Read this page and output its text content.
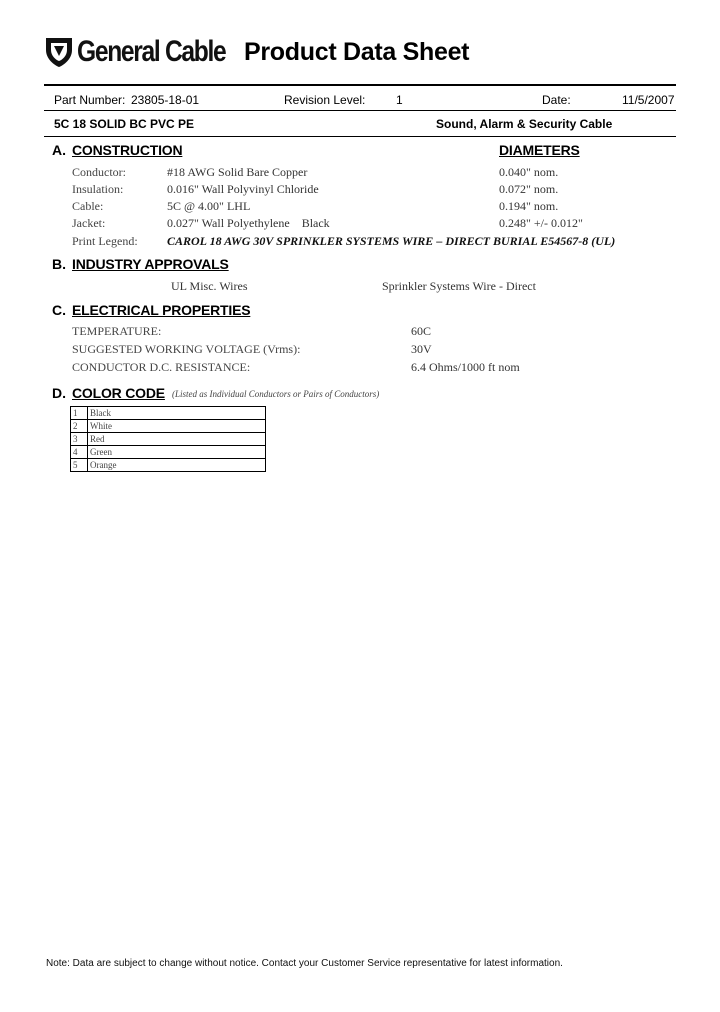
General Cable Product Data Sheet
Part Number: 23805-18-01	Revision Level:	1	Date:	11/5/2007
5C 18 SOLID BC PVC PE	Sound, Alarm & Security Cable
A. CONSTRUCTION	DIAMETERS
Conductor:	#18 AWG Solid Bare Copper	0.040" nom.
Insulation:	0.016" Wall Polyvinyl Chloride	0.072" nom.
Cable:	5C @ 4.00" LHL	0.194" nom.
Jacket:	0.027" Wall Polyethylene    Black	0.248" +/- 0.012"
Print Legend: CAROL 18 AWG 30V SPRINKLER SYSTEMS WIRE – DIRECT BURIAL E54567-8 (UL)
B. INDUSTRY APPROVALS
UL Misc. Wires	Sprinkler Systems Wire - Direct
C. ELECTRICAL PROPERTIES
TEMPERATURE:	60C
SUGGESTED WORKING VOLTAGE (Vrms):	30V
CONDUCTOR D.C. RESISTANCE:	6.4 Ohms/1000 ft nom
D. COLOR CODE (Listed as Individual Conductors or Pairs of Conductors)
1	Black
2	White
3	Red
4	Green
5	Orange
Note: Data are subject to change without notice. Contact your Customer Service representative for latest information.
